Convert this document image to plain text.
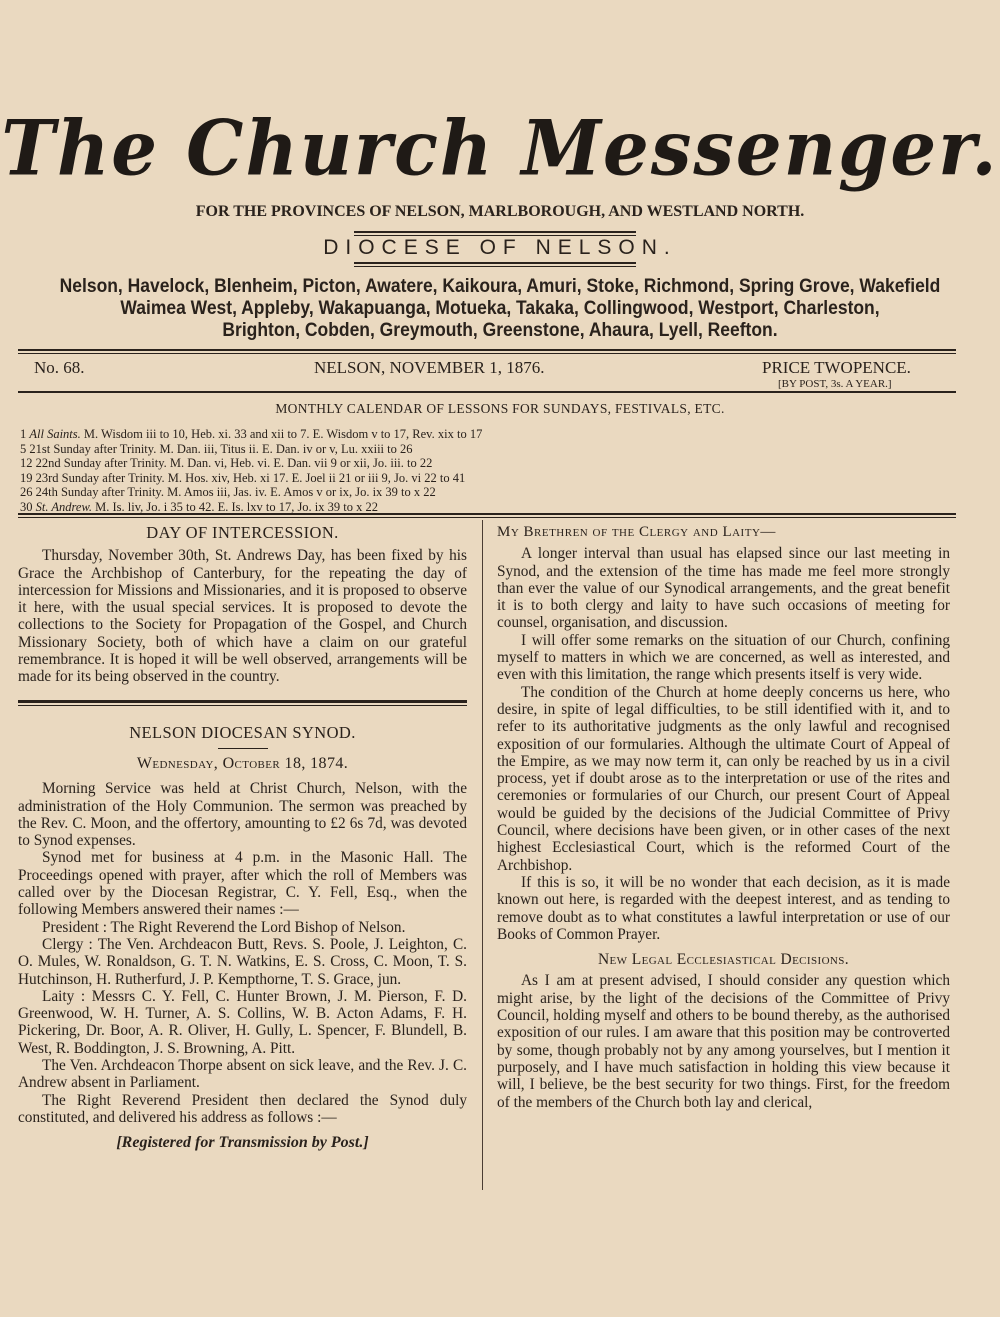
The Church Messenger.
FOR THE PROVINCES OF NELSON, MARLBOROUGH, AND WESTLAND NORTH.
DIOCESE OF NELSON.
Nelson, Havelock, Blenheim, Picton, Awatere, Kaikoura, Amuri, Stoke, Richmond, Spring Grove, Wakefield
Waimea West, Appleby, Wakapuanga, Motueka, Takaka, Collingwood, Westport, Charleston,
Brighton, Cobden, Greymouth, Greenstone, Ahaura, Lyell, Reefton.
No. 68.	NELSON, NOVEMBER 1, 1876.	PRICE TWOPENCE.
[BY POST, 3s. A YEAR.]
MONTHLY CALENDAR OF LESSONS FOR SUNDAYS, FESTIVALS, ETC.
1 All Saints. M. Wisdom iii to 10, Heb. xi. 33 and xii to 7. E. Wisdom v to 17, Rev. xix to 17
5 21st Sunday after Trinity. M. Dan. iii, Titus ii. E. Dan. iv or v, Lu. xxiii to 26
12 22nd Sunday after Trinity. M. Dan. vi, Heb. vi. E. Dan. vii 9 or xii, Jo. iii. to 22
19 23rd Sunday after Trinity. M. Hos. xiv, Heb. xi 17. E. Joel ii 21 or iii 9, Jo. vi 22 to 41
26 24th Sunday after Trinity. M. Amos iii, Jas. iv. E. Amos v or ix, Jo. ix 39 to x 22
30 St. Andrew. M. Is. liv, Jo. i 35 to 42. E. Is. lxv to 17, Jo. ix 39 to x 22
DAY OF INTERCESSION.

Thursday, November 30th, St. Andrews Day, has been fixed by his Grace the Archbishop of Canterbury, for the repeating the day of intercession for Missions and Missionaries, and it is proposed to observe it here, with the usual special services. It is proposed to devote the collections to the Society for Propagation of the Gospel, and Church Missionary Society, both of which have a claim on our grateful remembrance. It is hoped it will be well observed, arrangements will be made for its being observed in the country.

NELSON DIOCESAN SYNOD.
Wednesday, October 18, 1874.

Morning Service was held at Christ Church, Nelson, with the administration of the Holy Communion. The sermon was preached by the Rev. C. Moon, and the offertory, amounting to £2 6s 7d, was devoted to Synod expenses.

Synod met for business at 4 p.m. in the Masonic Hall. The Proceedings opened with prayer, after which the roll of Members was called over by the Diocesan Registrar, C. Y. Fell, Esq., when the following Members answered their names :—

President : The Right Reverend the Lord Bishop of Nelson.

Clergy : The Ven. Archdeacon Butt, Revs. S. Poole, J. Leighton, C. O. Mules, W. Ronaldson, G. T. N. Watkins, E. S. Cross, C. Moon, T. S. Hutchinson, H. Rutherfurd, J. P. Kempthorne, T. S. Grace, jun.

Laity : Messrs C. Y. Fell, C. Hunter Brown, J. M. Pierson, F. D. Greenwood, W. H. Turner, A. S. Collins, W. B. Acton Adams, F. H. Pickering, Dr. Boor, A. R. Oliver, H. Gully, L. Spencer, F. Blundell, B. West, R. Boddington, J. S. Browning, A. Pitt.

The Ven. Archdeacon Thorpe absent on sick leave, and the Rev. J. C. Andrew absent in Parliament.

The Right Reverend President then declared the Synod duly constituted, and delivered his address as follows :—

[Registered for Transmission by Post.]
My Brethren of the Clergy and Laity—

A longer interval than usual has elapsed since our last meeting in Synod, and the extension of the time has made me feel more strongly than ever the value of our Synodical arrangements, and the great benefit it is to both clergy and laity to have such occasions of meeting for counsel, organisation, and discussion.

I will offer some remarks on the situation of our Church, confining myself to matters in which we are concerned, as well as interested, and even with this limitation, the range which presents itself is very wide.

The condition of the Church at home deeply concerns us here, who desire, in spite of legal difficulties, to be still identified with it, and to refer to its authoritative judgments as the only lawful and recognised exposition of our formularies. Although the ultimate Court of Appeal of the Empire, as we may now term it, can only be reached by us in a civil process, yet if doubt arose as to the interpretation or use of the rites and ceremonies or formularies of our Church, our present Court of Appeal would be guided by the decisions of the Judicial Committee of Privy Council, where decisions have been given, or in other cases of the next highest Ecclesiastical Court, which is the reformed Court of the Archbishop.

If this is so, it will be no wonder that each decision, as it is made known out here, is regarded with the deepest interest, and as tending to remove doubt as to what constitutes a lawful interpretation or use of our Books of Common Prayer.

New Legal Ecclesiastical Decisions.

As I am at present advised, I should consider any question which might arise, by the light of the decisions of the Committee of Privy Council, holding myself and others to be bound thereby, as the authorised exposition of our rules. I am aware that this position may be controverted by some, though probably not by any among yourselves, but I mention it purposely, and I have much satisfaction in holding this view because it will, I believe, be the best security for two things. First, for the freedom of the members of the Church both lay and clerical,
